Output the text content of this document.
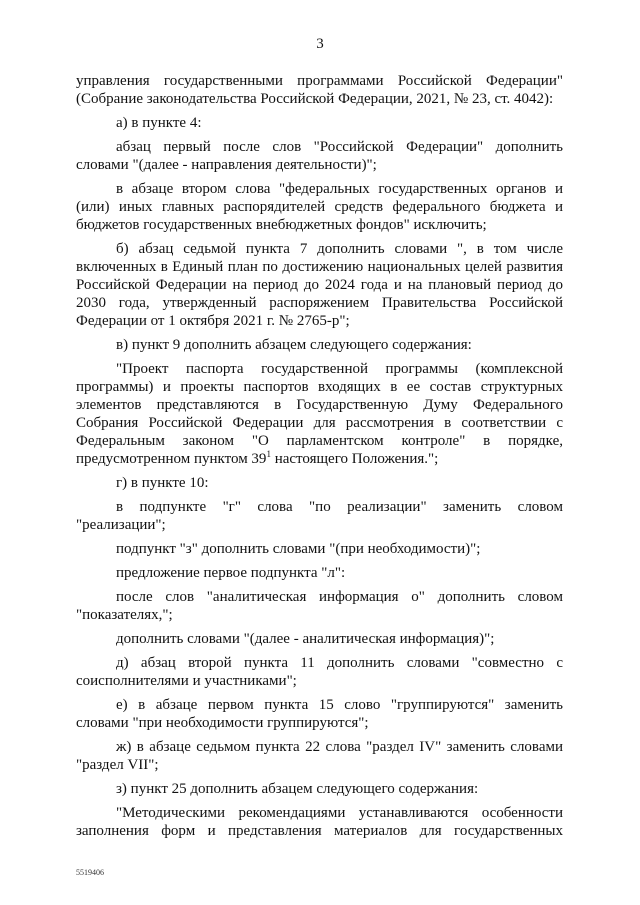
3

управления государственными программами Российской Федерации" (Собрание законодательства Российской Федерации, 2021, № 23, ст. 4042):

а) в пункте 4:

абзац первый после слов "Российской Федерации" дополнить словами "(далее - направления деятельности)";

в абзаце втором слова "федеральных государственных органов и (или) иных главных распорядителей средств федерального бюджета и бюджетов государственных внебюджетных фондов" исключить;

б) абзац седьмой пункта 7 дополнить словами ", в том числе включенных в Единый план по достижению национальных целей развития Российской Федерации на период до 2024 года и на плановый период до 2030 года, утвержденный распоряжением Правительства Российской Федерации от 1 октября 2021 г. № 2765-р";

в) пункт 9 дополнить абзацем следующего содержания:

"Проект паспорта государственной программы (комплексной программы) и проекты паспортов входящих в ее состав структурных элементов представляются в Государственную Думу Федерального Собрания Российской Федерации для рассмотрения в соответствии с Федеральным законом "О парламентском контроле" в порядке, предусмотренном пунктом $39^1$ настоящего Положения.";

г) в пункте 10:

в подпункте "г" слова "по реализации" заменить словом "реализации";

подпункт "з" дополнить словами "(при необходимости)";

предложение первое подпункта "л":

после слов "аналитическая информация о" дополнить словом "показателях,";

дополнить словами "(далее - аналитическая информация)";

д) абзац второй пункта 11 дополнить словами "совместно с соисполнителями и участниками";

е) в абзаце первом пункта 15 слово "группируются" заменить словами "при необходимости группируются";

ж) в абзаце седьмом пункта 22 слова "раздел IV" заменить словами "раздел VII";

з) пункт 25 дополнить абзацем следующего содержания:

"Методическими рекомендациями устанавливаются особенности заполнения форм и представления материалов для государственных

5519406
